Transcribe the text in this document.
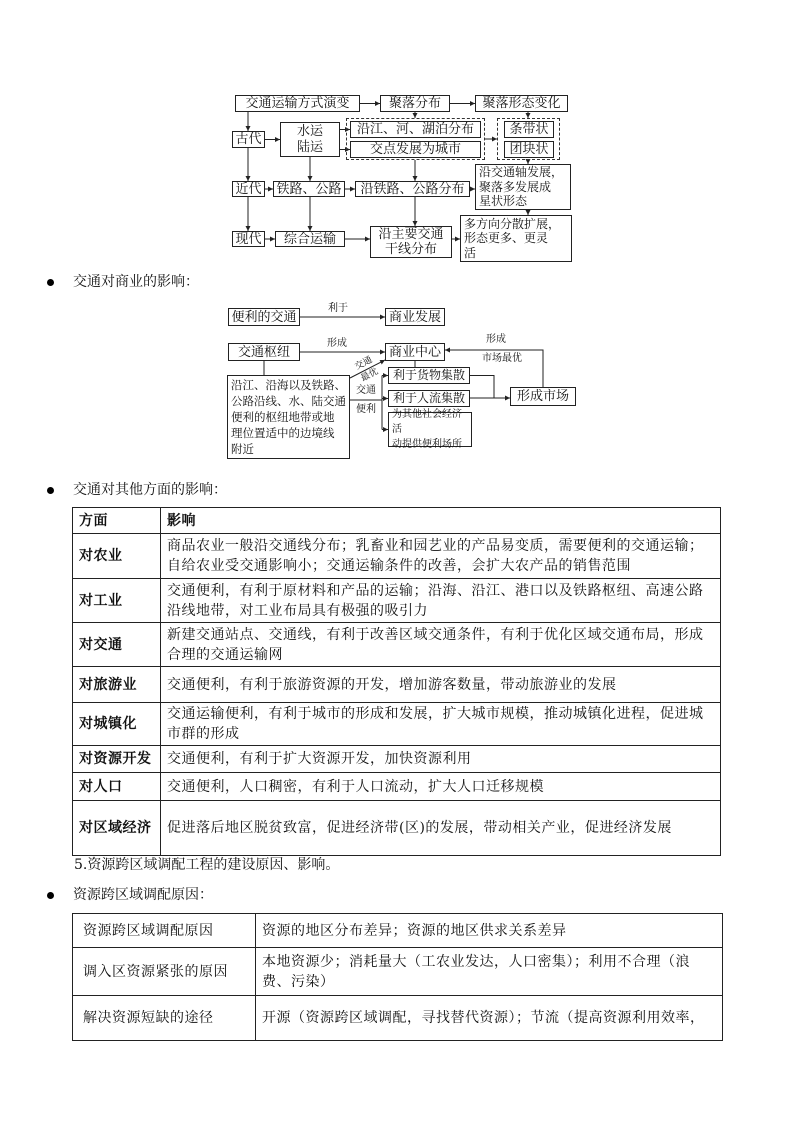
交通运输方式演变	聚落分布	聚落形态变化
古代
水运
陆运
沿江、河、湖泊分布
交点发展为城市
条带状
团块状
近代 铁路、公路	沿铁路、公路分布
沿交通轴发展，
聚落多发展成
星状形态
现代	综合运输	沿主要交通
干线分布
多方向分散扩展，
形态更多、更灵
活
交通对商业的影响：
便利的交通
利于
商业发展
交通枢纽
形成
商业中心
形成
市场最优
沿江、沿海以及铁路、
公路沿线、水、陆交通
便利的枢纽地带或地
理位置适中的边境线
附近
交通
最优
交通
便利
利于货物集散
利于人流集散
为其他社会经济活
动提供便利场所
形成市场
交通对其他方面的影响：
方面	影响
对农业	商品农业一般沿交通线分布；乳畜业和园艺业的产品易变质，需要便利的交通运输；自给农业受交通影响小；交通运输条件的改善，会扩大农产品的销售范围
对工业	交通便利，有利于原材料和产品的运输；沿海、沿江、港口以及铁路枢纽、高速公路沿线地带，对工业布局具有极强的吸引力
对交通	新建交通站点、交通线，有利于改善区域交通条件，有利于优化区域交通布局，形成合理的交通运输网
对旅游业	交通便利，有利于旅游资源的开发，增加游客数量，带动旅游业的发展
对城镇化	交通运输便利，有利于城市的形成和发展，扩大城市规模，推动城镇化进程，促进城市群的形成
对资源开发	交通便利，有利于扩大资源开发，加快资源利用
对人口	交通便利，人口稠密，有利于人口流动，扩大人口迁移规模
对区域经济	促进落后地区脱贫致富，促进经济带(区)的发展，带动相关产业，促进经济发展
5.资源跨区域调配工程的建设原因、影响。
资源跨区域调配原因：
资源跨区域调配原因	资源的地区分布差异；资源的地区供求关系差异
调入区资源紧张的原因	本地资源少；消耗量大（工农业发达，人口密集）；利用不合理（浪费、污染）
解决资源短缺的途径	开源（资源跨区域调配，寻找替代资源）；节流（提高资源利用效率，
